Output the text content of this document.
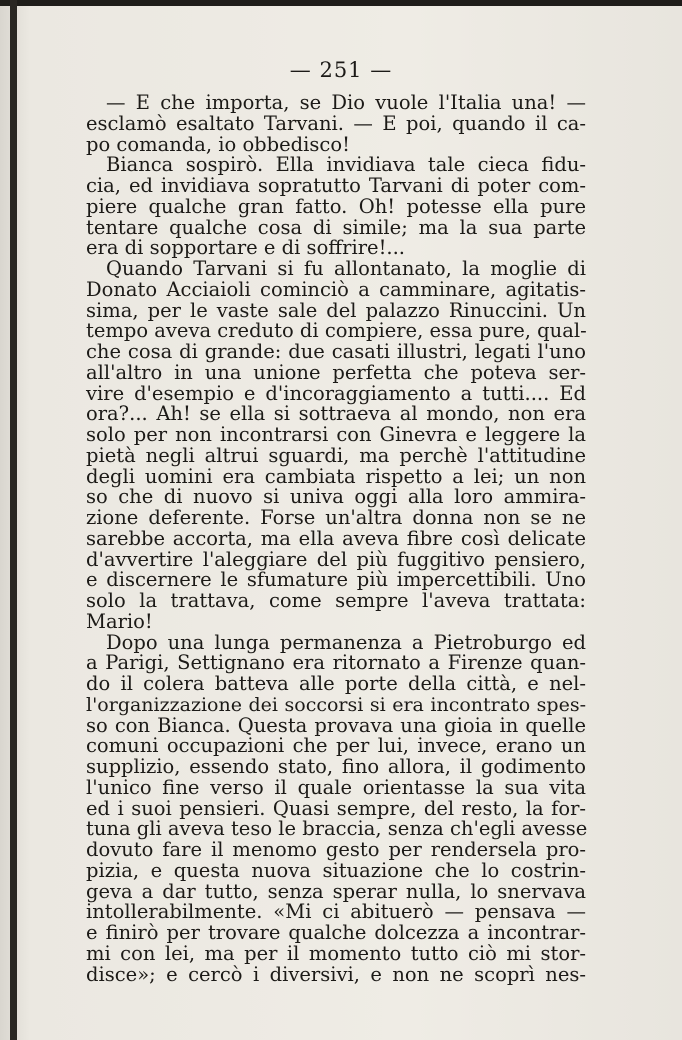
— 251 —
— E che importa, se Dio vuole l'Italia una! —
esclamò esaltato Tarvani. — E poi, quando il ca-
po comanda, io obbedisco!
Bianca sospirò. Ella invidiava tale cieca fidu-
cia, ed invidiava sopratutto Tarvani di poter com-
piere qualche gran fatto. Oh! potesse ella pure
tentare qualche cosa di simile; ma la sua parte
era di sopportare e di soffrire!...
Quando Tarvani si fu allontanato, la moglie di
Donato Acciaioli cominciò a camminare, agitatis-
sima, per le vaste sale del palazzo Rinuccini. Un
tempo aveva creduto di compiere, essa pure, qual-
che cosa di grande: due casati illustri, legati l'uno
all'altro in una unione perfetta che poteva ser-
vire d'esempio e d'incoraggiamento a tutti.... Ed
ora?... Ah! se ella si sottraeva al mondo, non era
solo per non incontrarsi con Ginevra e leggere la
pietà negli altrui sguardi, ma perchè l'attitudine
degli uomini era cambiata rispetto a lei; un non
so che di nuovo si univa oggi alla loro ammira-
zione deferente. Forse un'altra donna non se ne
sarebbe accorta, ma ella aveva fibre così delicate
d'avvertire l'aleggiare del più fuggitivo pensiero,
e discernere le sfumature più impercettibili. Uno
solo la trattava, come sempre l'aveva trattata:
Mario!
Dopo una lunga permanenza a Pietroburgo ed
a Parigi, Settignano era ritornato a Firenze quan-
do il colera batteva alle porte della città, e nel-
l'organizzazione dei soccorsi si era incontrato spes-
so con Bianca. Questa provava una gioia in quelle
comuni occupazioni che per lui, invece, erano un
supplizio, essendo stato, fino allora, il godimento
l'unico fine verso il quale orientasse la sua vita
ed i suoi pensieri. Quasi sempre, del resto, la for-
tuna gli aveva teso le braccia, senza ch'egli avesse
dovuto fare il menomo gesto per rendersela pro-
pizia, e questa nuova situazione che lo costrin-
geva a dar tutto, senza sperar nulla, lo snervava
intollerabilmente. «Mi ci abituerò — pensava —
e finirò per trovare qualche dolcezza a incontrar-
mi con lei, ma per il momento tutto ciò mi stor-
disce»; e cercò i diversivi, e non ne scoprì nes-
